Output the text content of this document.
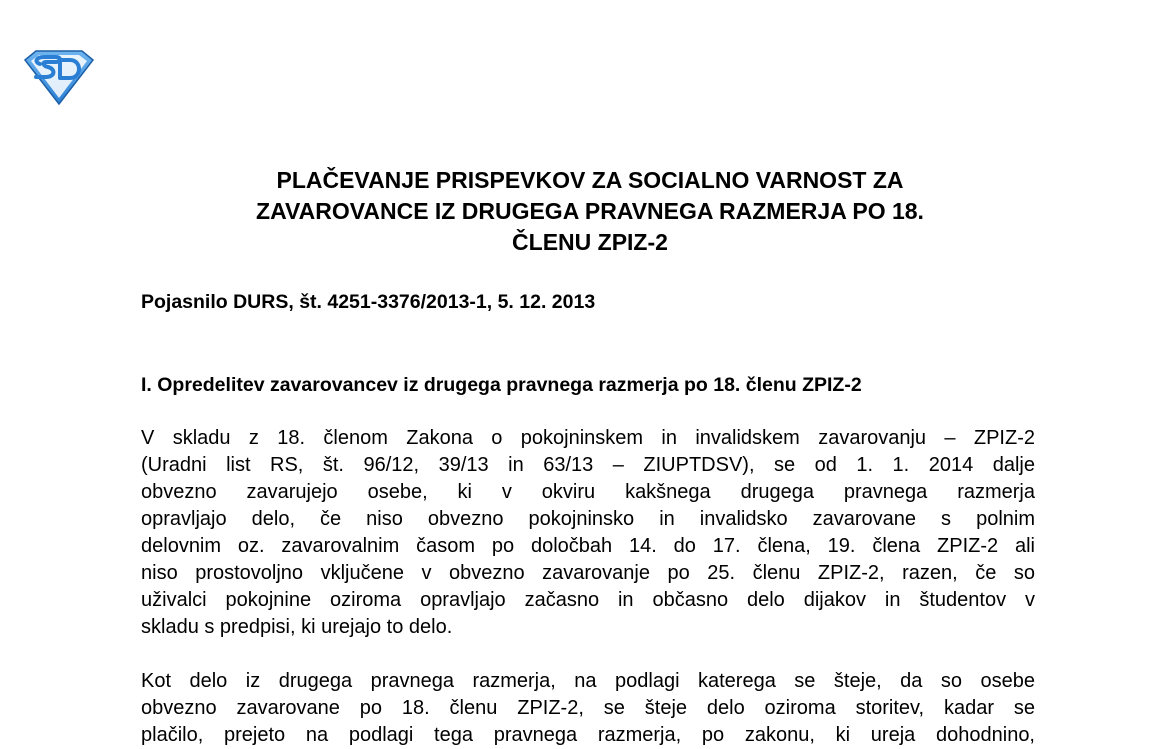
PLAČEVANJE PRISPEVKOV ZA SOCIALNO VARNOST ZA
ZAVAROVANCE IZ DRUGEGA PRAVNEGA RAZMERJA PO 18.
ČLENU ZPIZ-2

Pojasnilo DURS, št. 4251-3376/2013-1, 5. 12. 2013

I. Opredelitev zavarovancev iz drugega pravnega razmerja po 18. členu ZPIZ-2

V skladu z 18. členom Zakona o pokojninskem in invalidskem zavarovanju – ZPIZ-2
(Uradni list RS, št. 96/12, 39/13 in 63/13 – ZIUPTDSV), se od 1. 1. 2014 dalje
obvezno zavarujejo osebe, ki v okviru kakšnega drugega pravnega razmerja
opravljajo delo, če niso obvezno pokojninsko in invalidsko zavarovane s polnim
delovnim oz. zavarovalnim časom po določbah 14. do 17. člena, 19. člena ZPIZ-2 ali
niso prostovoljno vključene v obvezno zavarovanje po 25. členu ZPIZ-2, razen, če so
uživalci pokojnine oziroma opravljajo začasno in občasno delo dijakov in študentov v
skladu s predpisi, ki urejajo to delo.

Kot delo iz drugega pravnega razmerja, na podlagi katerega se šteje, da so osebe
obvezno zavarovane po 18. členu ZPIZ-2, se šteje delo oziroma storitev, kadar se
plačilo, prejeto na podlagi tega pravnega razmerja, po zakonu, ki ureja dohodnino,
